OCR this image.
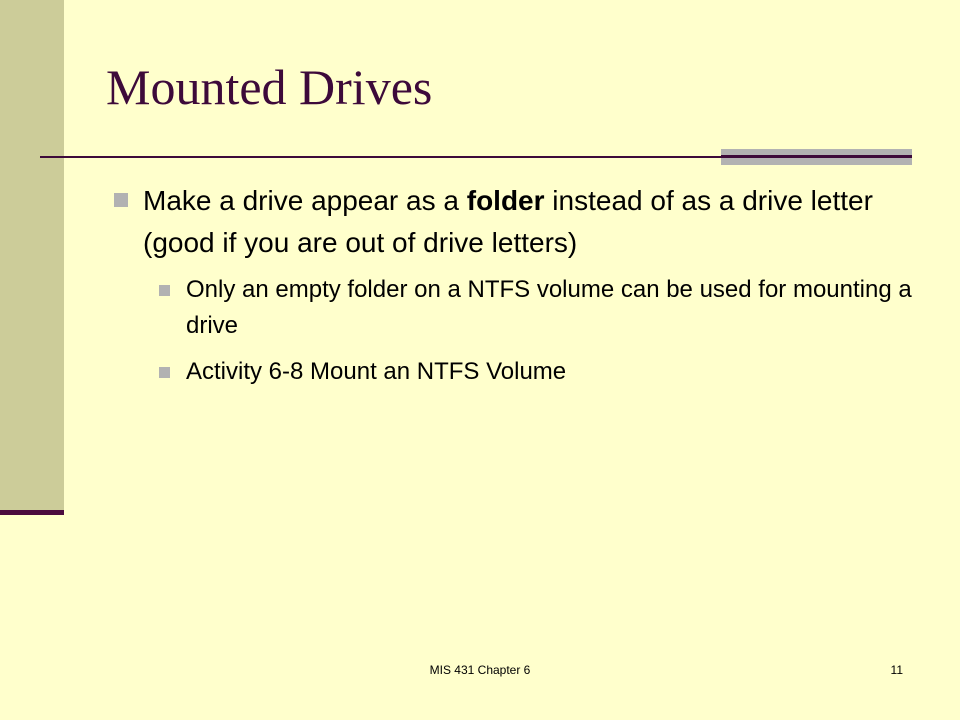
Mounted Drives
Make a drive appear as a folder instead of as a drive letter (good if you are out of drive letters)
Only an empty folder on a NTFS volume can be used for mounting a drive
Activity 6-8 Mount an NTFS Volume
MIS 431 Chapter 6	11
